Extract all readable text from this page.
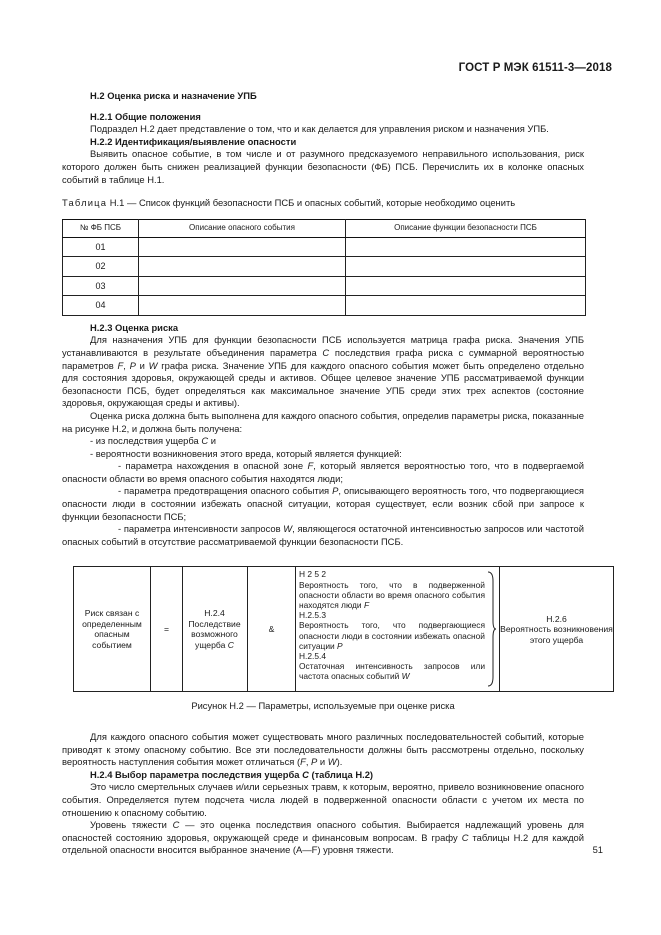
ГОСТ Р МЭК 61511-3—2018

Н.2 Оценка риска и назначение УПБ

Н.2.1 Общие положения

Подраздел Н.2 дает представление о том, что и как делается для управления риском и назначения УПБ.

Н.2.2 Идентификация/выявление опасности

Выявить опасное событие, в том числе и от разумного предсказуемого неправильного использования, риск которого должен быть снижен реализацией функции безопасности (ФБ) ПСБ. Перечислить их в колонке опасных событий в таблице Н.1.

Таблица Н.1 — Список функций безопасности ПСБ и опасных событий, которые необходимо оценить

№ ФБ ПСБ	Описание опасного события	Описание функции безопасности ПСБ
01		
02		
03		
04		

Н.2.3 Оценка риска

Для назначения УПБ для функции безопасности ПСБ используется матрица графа риска. Значения УПБ устанавливаются в результате объединения параметра C последствия графа риска с суммарной вероятностью параметров F, P и W графа риска. Значение УПБ для каждого опасного события может быть определено отдельно для состояния здоровья, окружающей среды и активов. Общее целевое значение УПБ рассматриваемой функции безопасности ПСБ, будет определяться как максимальное значение УПБ среди этих трех аспектов (состояние здоровья, окружающая среды и активы).

Оценка риска должна быть выполнена для каждого опасного события, определив параметры риска, показанные на рисунке Н.2, и должна быть получена:

- из последствия ущерба C и

- вероятности возникновения этого вреда, который является функцией:

- параметра нахождения в опасной зоне F, который является вероятностью того, что в подвергаемой опасности области во время опасного события находятся люди;

- параметра предотвращения опасного события P, описывающего вероятность того, что подвергающиеся опасности люди в состоянии избежать опасной ситуации, которая существует, если возник сбой при запросе к функции безопасности ПСБ;

- параметра интенсивности запросов W, являющегося остаточной интенсивностью запросов или частотой опасных событий в отсутствие рассматриваемой функции безопасности ПСБ.

Риск связан с определенным опасным событием
=
Н.2.4
Последствие возможного ущерба C
&
Н 2 5 2
Вероятность того, что в подверженной опасности области во время опасного события находятся люди F
Н.2.5.3
Вероятность того, что подвергающиеся опасности люди в состоянии избежать опасной ситуации P
Н.2.5.4
Остаточная интенсивность запросов или частота опасных событий W
Н.2.6
Вероятность возникновения этого ущерба

Рисунок Н.2 — Параметры, используемые при оценке риска

Для каждого опасного события может существовать много различных последовательностей событий, которые приводят к этому опасному событию. Все эти последовательности должны быть рассмотрены отдельно, поскольку вероятность наступления события может отличаться (F, P и W).

Н.2.4 Выбор параметра последствия ущерба C (таблица Н.2)

Это число смертельных случаев и/или серьезных травм, к которым, вероятно, привело возникновение опасного события. Определяется путем подсчета числа людей в подверженной опасности области с учетом их места по отношению к опасному событию.

Уровень тяжести C — это оценка последствия опасного события. Выбирается надлежащий уровень для опасностей состоянию здоровья, окружающей среде и финансовым вопросам. В графу C таблицы Н.2 для каждой отдельной опасности вносится выбранное значение (А—F) уровня тяжести.	51
